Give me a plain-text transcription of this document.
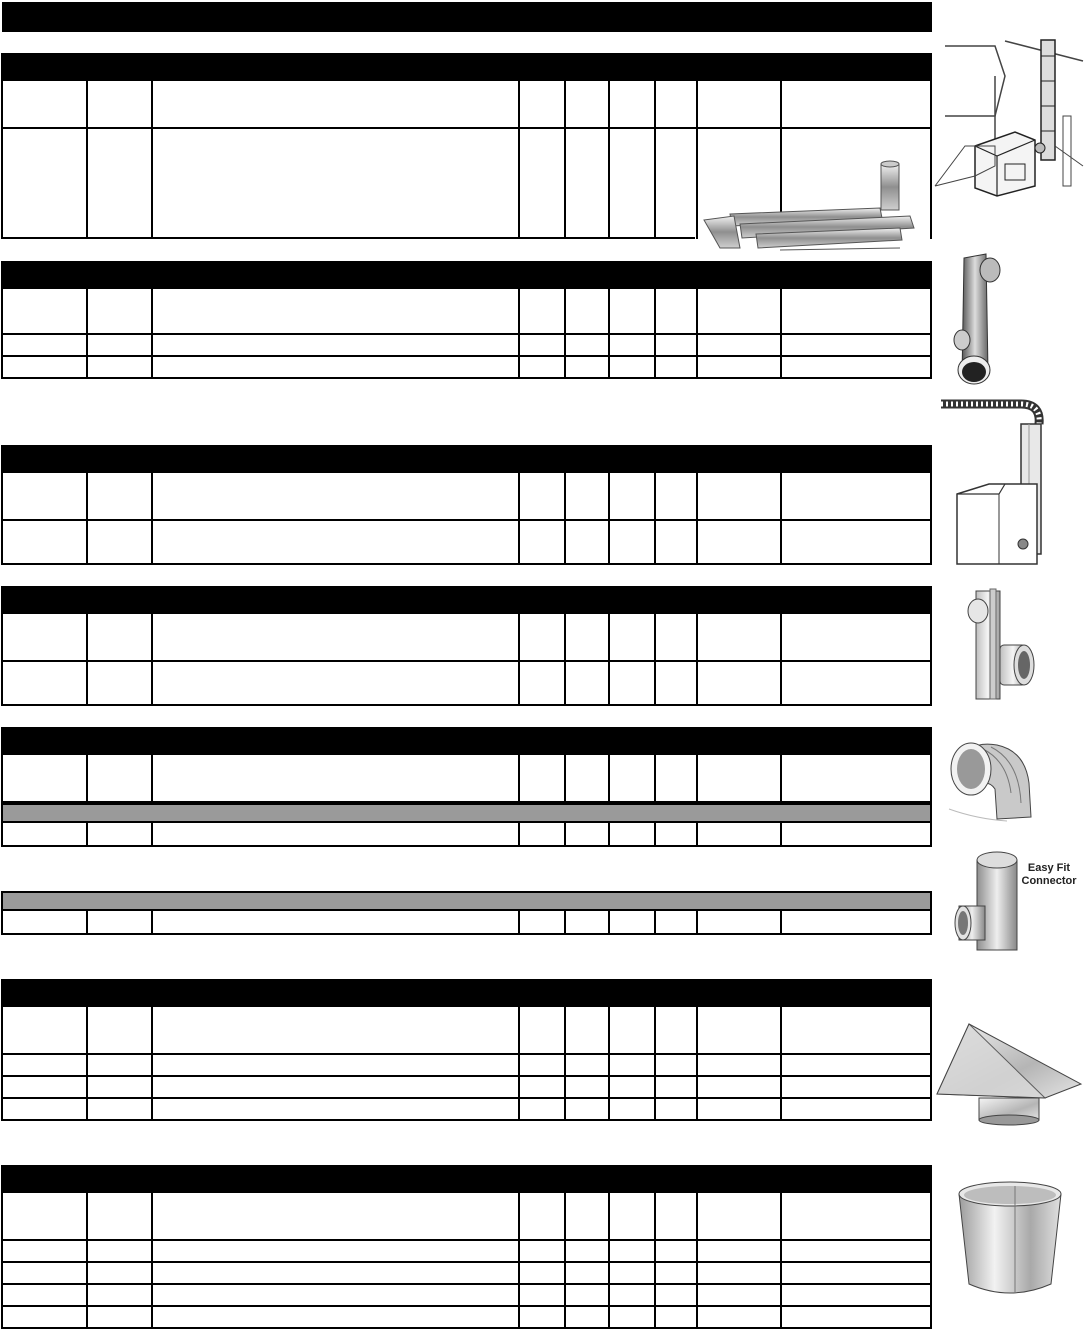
Easy Fit Connector
